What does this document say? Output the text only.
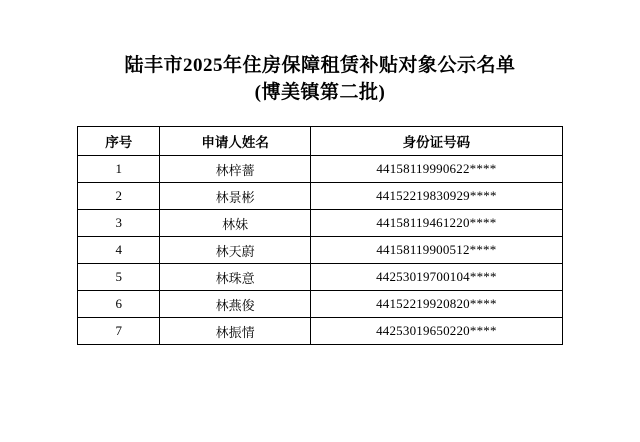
陆丰市2025年住房保障租赁补贴对象公示名单
(博美镇第二批)
序号	申请人姓名	身份证号码
1	林梓薔	44158119990622****
2	林景彬	44152219830929****
3	林妹	44158119461220****
4	林天蔚	44158119900512****
5	林珠意	44253019700104****
6	林燕俊	44152219920820****
7	林振情	44253019650220****
